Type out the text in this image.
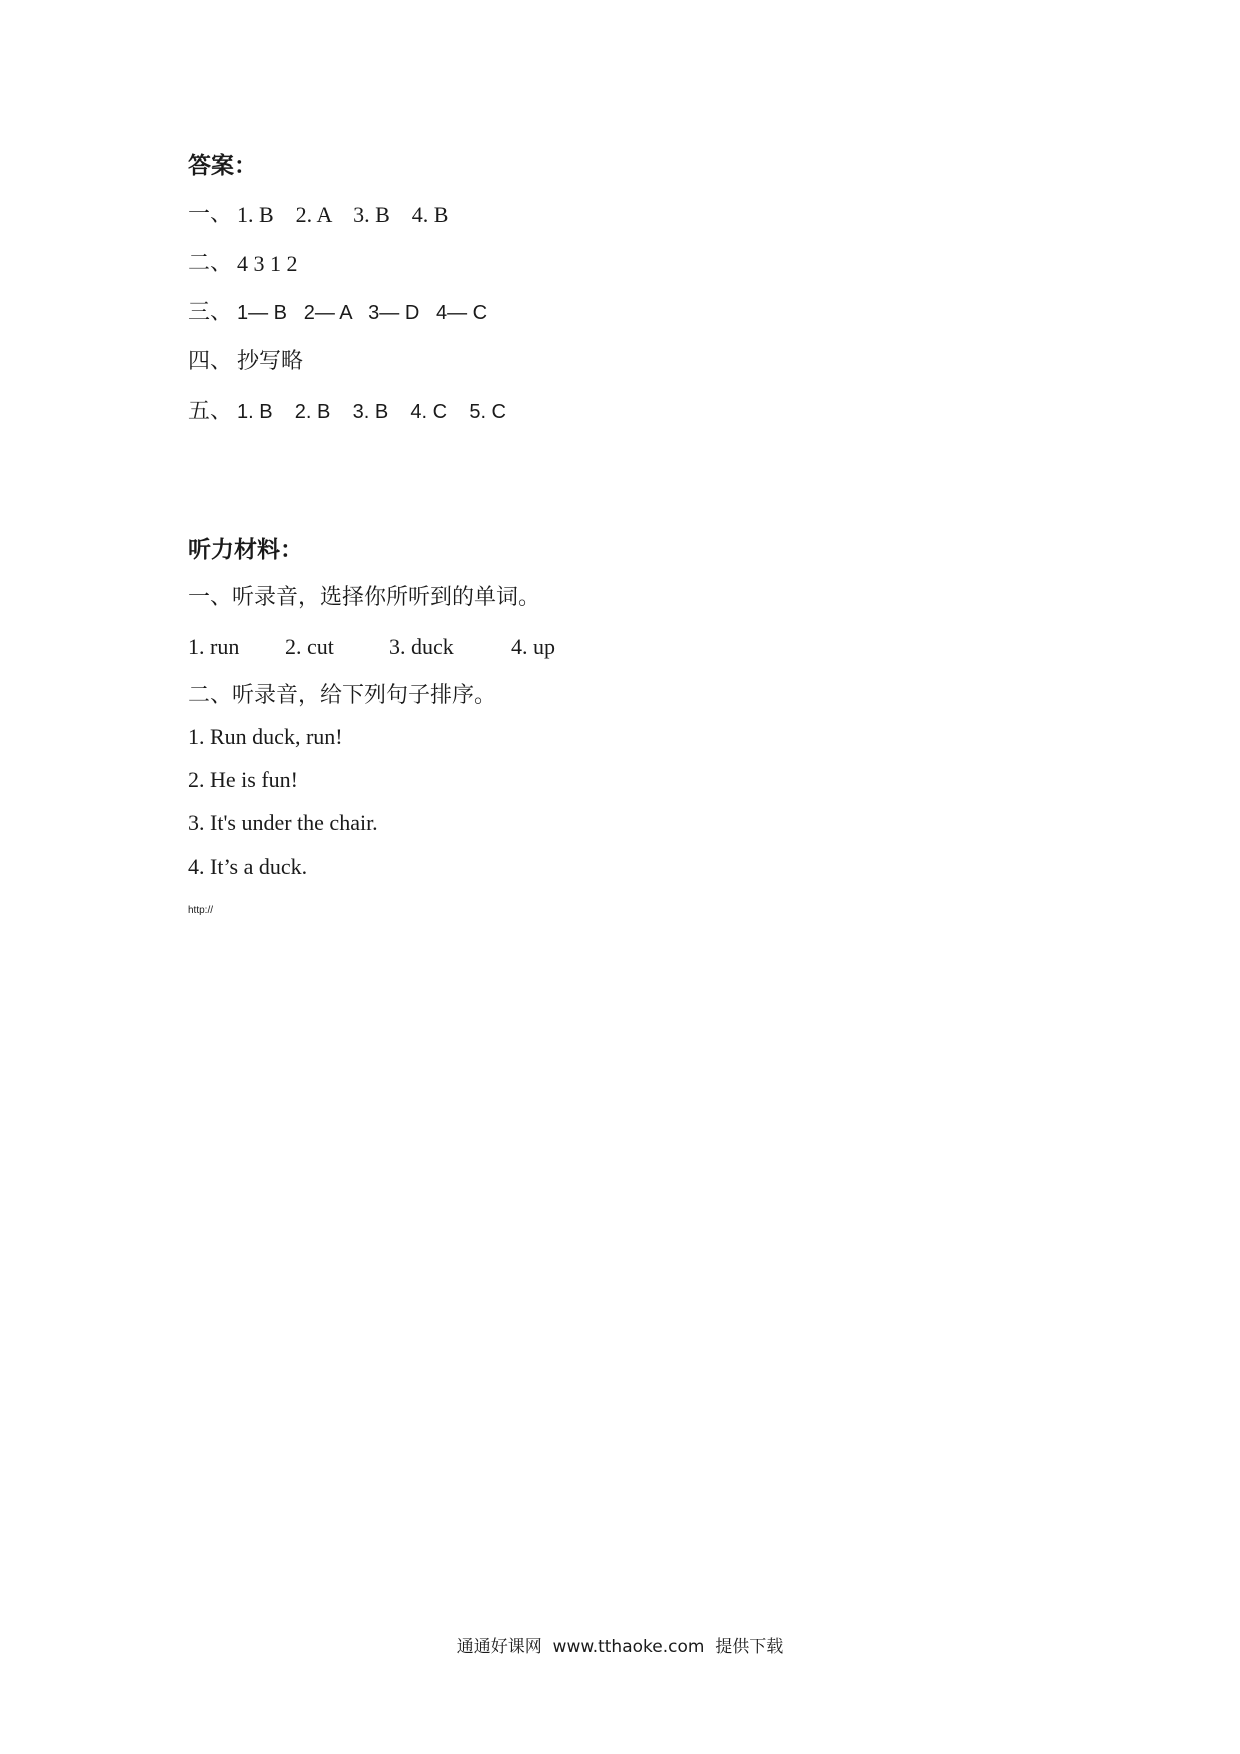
答案：
一、 1. B    2. A    3. B    4. B
二、 4 3 1 2
三、 1— B   2— A   3— D   4— C
四、 抄写略
五、 1. B    2. B    3. B    4. C    5. C
听力材料：
一、听录音，选择你所听到的单词。
1. run 2. cut	3. duck	4. up
二、听录音，给下列句子排序。
1. Run duck, run!
2. He is fun!
3. It's under the chair.
4. It’s a duck.
http://
通通好课网  www.tthaoke.com  提供下载
